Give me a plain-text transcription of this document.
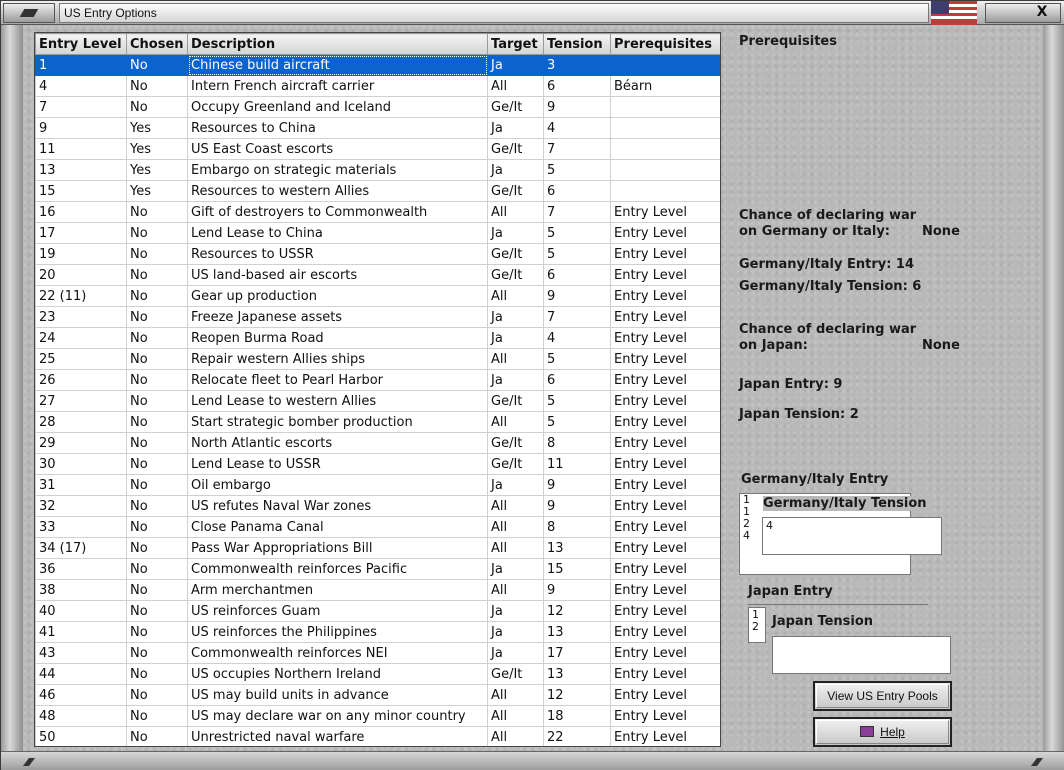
US Entry Options	X
Entry Level	Chosen	Description	Target	Tension	Prerequisites
1	No	Chinese build aircraft	Ja	3	
4	No	Intern French aircraft carrier	All	6	Béarn
7	No	Occupy Greenland and Iceland	Ge/It	9	
9	Yes	Resources to China	Ja	4	
11	Yes	US East Coast escorts	Ge/It	7	
13	Yes	Embargo on strategic materials	Ja	5	
15	Yes	Resources to western Allies	Ge/It	6	
16	No	Gift of destroyers to Commonwealth	All	7	Entry Level
17	No	Lend Lease to China	Ja	5	Entry Level
19	No	Resources to USSR	Ge/It	5	Entry Level
20	No	US land-based air escorts	Ge/It	6	Entry Level
22 (11)	No	Gear up production	All	9	Entry Level
23	No	Freeze Japanese assets	Ja	7	Entry Level
24	No	Reopen Burma Road	Ja	4	Entry Level
25	No	Repair western Allies ships	All	5	Entry Level
26	No	Relocate fleet to Pearl Harbor	Ja	6	Entry Level
27	No	Lend Lease to western Allies	Ge/It	5	Entry Level
28	No	Start strategic bomber production	All	5	Entry Level
29	No	North Atlantic escorts	Ge/It	8	Entry Level
30	No	Lend Lease to USSR	Ge/It	11	Entry Level
31	No	Oil embargo	Ja	9	Entry Level
32	No	US refutes Naval War zones	All	9	Entry Level
33	No	Close Panama Canal	All	8	Entry Level
34 (17)	No	Pass War Appropriations Bill	All	13	Entry Level
36	No	Commonwealth reinforces Pacific	Ja	15	Entry Level
38	No	Arm merchantmen	All	9	Entry Level
40	No	US reinforces Guam	Ja	12	Entry Level
41	No	US reinforces the Philippines	Ja	13	Entry Level
43	No	Commonwealth reinforces NEI	Ja	17	Entry Level
44	No	US occupies Northern Ireland	Ge/It	13	Entry Level
46	No	US may build units in advance	All	12	Entry Level
48	No	US may declare war on any minor country	All	18	Entry Level
50	No	Unrestricted naval warfare	All	22	Entry Level
Prerequisites
Chance of declaring war
on Germany or Italy: None
Germany/Italy Entry: 14
Germany/Italy Tension: 6
Chance of declaring war
on Japan:	None
Japan Entry: 9
Japan Tension: 2
Germany/Italy Entry
1
1
2
4
Germany/Italy Tension
4
Japan Entry
1
2	Japan Tension
View US Entry Pools
Help
